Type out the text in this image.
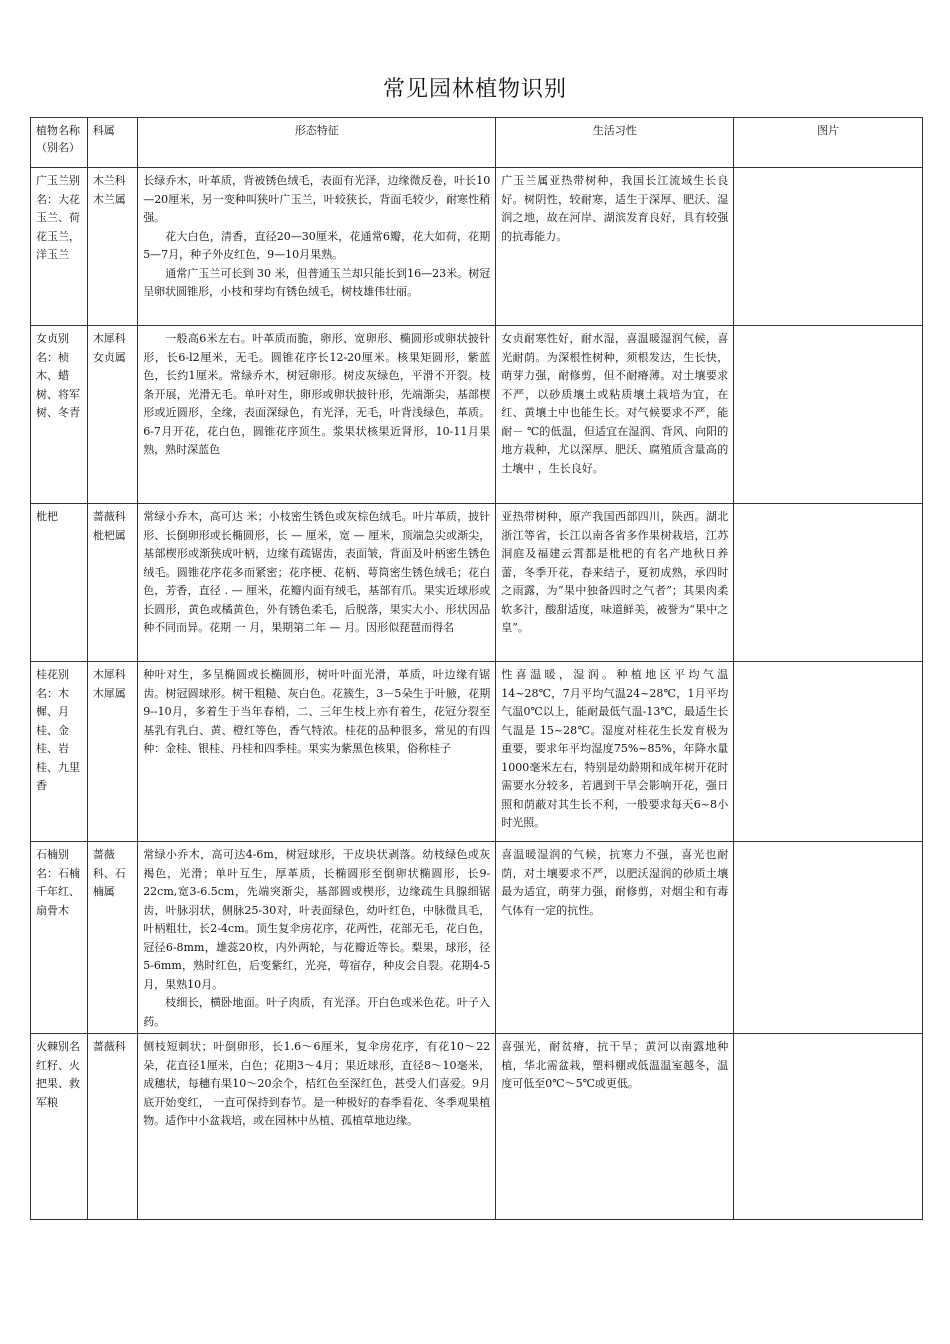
常见园林植物识别
植物名称（别名）	科属	形态特征	生活习性	图片
广玉兰别名：大花玉兰、荷花玉兰，洋玉兰	木兰科木兰属	长绿乔木，叶革质，背被锈色绒毛，表面有光泽，边缘微反卷，叶长10—20厘米，另一变种叫狭叶广玉兰，叶较狭长，背面毛较少，耐寒性稍强。

花大白色，清香，直径20—30厘米，花通常6瓣，花大如荷，花期5—7月，种子外皮红色，9—10月果熟。

通常广玉兰可长到 30 米，但普通玉兰却只能长到16—23米。树冠呈卵状圆锥形，小枝和芽均有锈色绒毛，树枝雄伟壮丽。	广玉兰属亚热带树种，我国长江流域生长良好。树阴性，较耐寒，适生于深厚、肥沃、湿润之地，故在河岸、湖滨发育良好，具有较强的抗毒能力。	

女贞别名：桢木、蜡树、将军树、冬青	木犀科女贞属	一般高6米左右。叶革质而脆，卵形、宽卵形、椭圆形或卵状披针形，长6-l2厘米，无毛。圆锥花序长12-20厘米。核果矩圆形，紫蓝色，长约1厘米。常绿乔木，树冠卵形。树皮灰绿色，平滑不开裂。枝条开展，光滑无毛。单叶对生，卵形或卵状披针形，先端渐尖，基部楔形或近圆形，全缘，表面深绿色，有光泽，无毛，叶背浅绿色，革质。6-7月开花，花白色，圆锥花序顶生。浆果状核果近肾形，10-11月果熟，熟时深蓝色	女贞耐寒性好，耐水湿，喜温暖湿润气候，喜光耐荫。为深根性树种，须根发达，生长快，萌芽力强，耐修剪，但不耐瘠薄。对土壤要求不严，以砂质壤土或粘质壤土栽培为宜，在红、黄壤土中也能生长。对气候要求不严，能耐－ ℃的低温，但适宜在湿润、背风、向阳的地方栽种，尤以深厚、肥沃、腐殖质含量高的土壤中 ，生长良好。	

枇杷	蔷薇科枇杷属	常绿小乔木，高可达 米；小枝密生锈色或灰棕色绒毛。叶片革质，披针形、长倒卵形或长椭圆形，长 — 厘米，宽 — 厘米，顶端急尖或渐尖，基部楔形或渐狭成叶柄，边缘有疏锯齿，表面皱，背面及叶柄密生锈色绒毛。圆锥花序花多而紧密；花序梗、花柄、萼筒密生锈色绒毛；花白色，芳香，直径 . — 厘米，花瓣内面有绒毛，基部有爪。果实近球形或长圆形，黄色或橘黄色，外有锈色柔毛，后脱落，果实大小、形状因品种不同而异。花期 一 月，果期第二年 — 月。因形似琵琶而得名	亚热带树种，原产我国西部四川，陕西。湖北浙江等省，长江以南各省多作果树栽培，江苏洞庭及福建云霄都是枇杷的有名产地秋日养蕾，冬季开花，春来结子，夏初成熟，承四时之雨露，为“果中独备四时之气者”；其果肉柔软多汁，酸甜适度，味道鲜美，被誉为“果中之皇”。	

桂花别名：木樨、月桂、金桂、岩桂、九里香	木犀科木犀属	种叶对生，多呈椭圆或长椭圆形，树叶叶面光滑，革质，叶边缘有锯齿。树冠圆球形。树干粗糙、灰白色。花簇生，3－5朵生于叶腋，花期9--10月，多着生于当年春梢，二、三年生枝上亦有着生，花冠分裂至基乳有乳白、黄、橙红等色，香气特浓。桂花的品种很多，常见的有四种：金桂、银桂、丹桂和四季桂。果实为紫黑色核果，俗称桂子	性喜温暖，湿润。种植地区平均气温14~28℃，7月平均气温24~28℃，1月平均气温0℃以上，能耐最低气温-13℃，最适生长气温是 15~28℃。湿度对桂花生长发育极为重要，要求年平均湿度75%~85%，年降水量1000毫米左右，特别是幼龄期和成年树开花时需要水分较多，若遇到干旱会影响开花，强日照和荫蔽对其生长不利，一般要求每天6~8小时光照。	

石楠别名：石楠千年红、扇骨木	蔷薇科、石楠属	常绿小乔木，高可达4-6m，树冠球形，干皮块状剥落。幼枝绿色或灰褐色，光滑；单叶互生，厚革质，长椭圆形至倒卵状椭圆形，长9-22cm,宽3-6.5cm，先端突渐尖，基部圆或楔形，边缘疏生具腺细锯齿，叶脉羽状，侧脉25-30对，叶表面绿色，幼叶红色，中脉微具毛，叶柄粗壮，长2-4cm。顶生复伞房花序，花两性，花部无毛，花白色，冠径6-8mm，雄蕊20枚，内外两轮，与花瓣近等长。梨果，球形，径5-6mm，熟时红色，后变紫红，光亮，萼宿存，种皮会自裂。花期4-5月，果熟10月。

枝细长，横卧地面。叶子肉质，有光泽。开白色或米色花。叶子入药。	喜温暖湿润的气候，抗寒力不强，喜光也耐荫，对土壤要求不严，以肥沃湿润的砂质土壤最为适宜，萌芽力强，耐修剪，对烟尘和有毒气体有一定的抗性。	

火棘别名红籽、火把果、救军粮	蔷薇科	侧枝短刺状；叶倒卵形，长1.6～6厘米，复伞房花序，有花10～22朵，花直径1厘米，白色；花期3～4月；果近球形，直径8～10毫米，成穗状，每穗有果10～20余个，桔红色至深红色，甚受人们喜爱。9月底开始变红， 一直可保持到春节。是一种极好的春季看花、冬季观果植物。适作中小盆栽培，或在园林中丛植、孤植草地边缘。	喜强光，耐贫瘠，抗干旱；黄河以南露地种植，华北需盆栽，塑料棚或低温温室越冬，温度可低至0℃～5℃或更低。	
